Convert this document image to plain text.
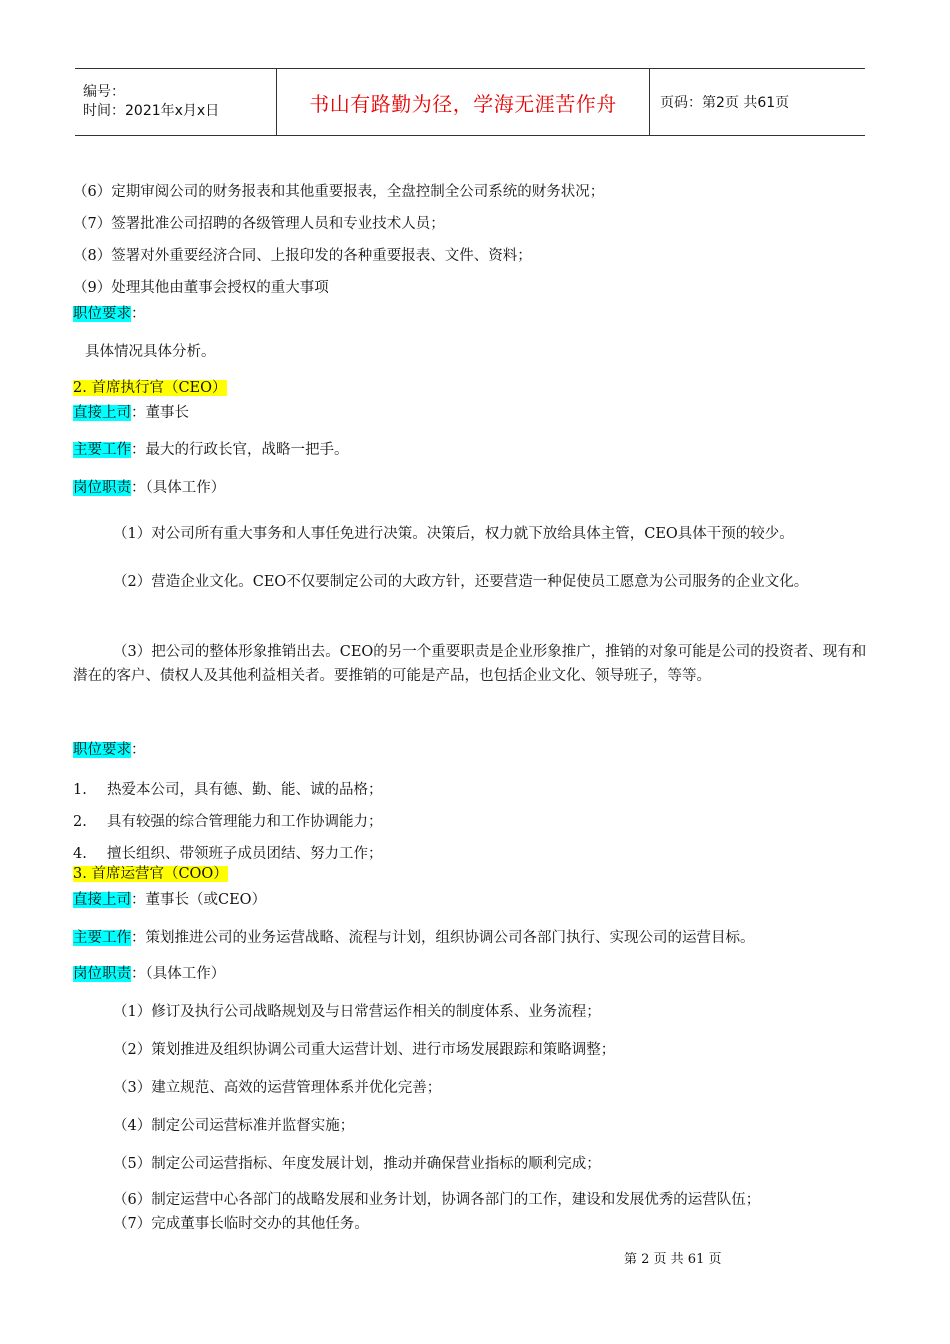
编号：
时间：2021年x月x日	书山有路勤为径，学海无涯苦作舟	页码：第2页 共61页
（6）定期审阅公司的财务报表和其他重要报表，全盘控制全公司系统的财务状况；
（7）签署批准公司招聘的各级管理人员和专业技术人员；
（8）签署对外重要经济合同、上报印发的各种重要报表、文件、资料；
（9）处理其他由董事会授权的重大事项
职位要求：
具体情况具体分析。
2. 首席执行官（CEO）
直接上司：董事长
主要工作：最大的行政长官，战略一把手。
岗位职责：（具体工作）
（1）对公司所有重大事务和人事任免进行决策。决策后，权力就下放给具体主管，CEO具体干预的较少。
（2）营造企业文化。CEO不仅要制定公司的大政方针，还要营造一种促使员工愿意为公司服务的企业文化。
（3）把公司的整体形象推销出去。CEO的另一个重要职责是企业形象推广，推销的对象可能是公司的投资者、现有和潜在的客户、债权人及其他利益相关者。要推销的可能是产品，也包括企业文化、领导班子，等等。
职位要求：
1. 热爱本公司，具有德、勤、能、诚的品格；
2. 具有较强的综合管理能力和工作协调能力；
4. 擅长组织、带领班子成员团结、努力工作；
3. 首席运营官（COO）
直接上司：董事长（或CEO）
主要工作：策划推进公司的业务运营战略、流程与计划，组织协调公司各部门执行、实现公司的运营目标。
岗位职责：（具体工作）
（1）修订及执行公司战略规划及与日常营运作相关的制度体系、业务流程；
（2）策划推进及组织协调公司重大运营计划、进行市场发展跟踪和策略调整；
（3）建立规范、高效的运营管理体系并优化完善；
（4）制定公司运营标准并监督实施；
（5）制定公司运营指标、年度发展计划，推动并确保营业指标的顺利完成；
（6）制定运营中心各部门的战略发展和业务计划，协调各部门的工作，建设和发展优秀的运营队伍；
（7）完成董事长临时交办的其他任务。
第 2 页 共 61 页
